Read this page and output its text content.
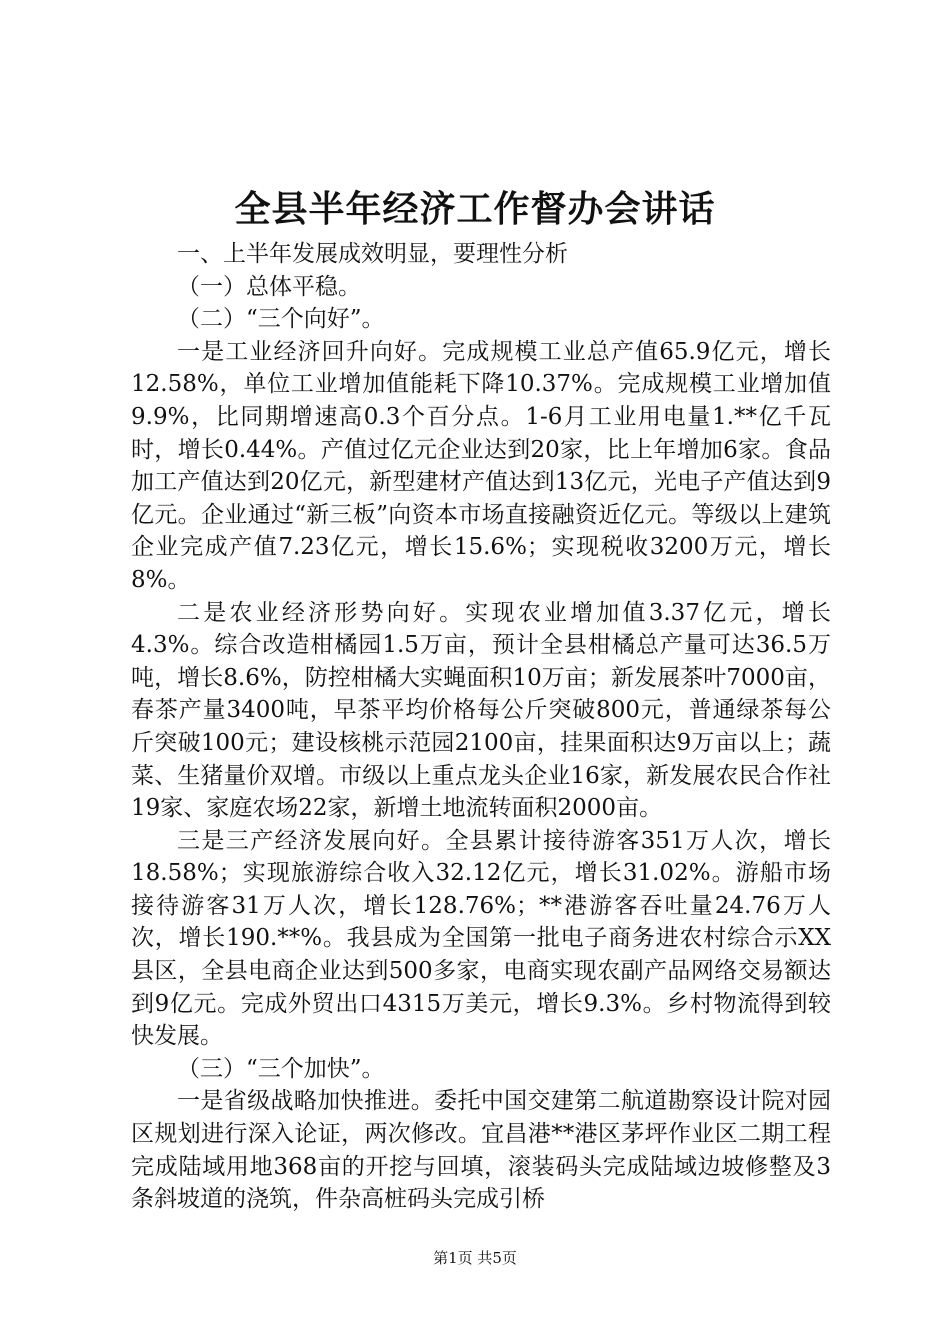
全县半年经济工作督办会讲话

一、上半年发展成效明显，要理性分析

（一）总体平稳。

（二）“三个向好”。

一是工业经济回升向好。完成规模工业总产值65.9亿元，增长12.58%，单位工业增加值能耗下降10.37%。完成规模工业增加值9.9%，比同期增速高0.3个百分点。1-6月工业用电量1.**亿千瓦时，增长0.44%。产值过亿元企业达到20家，比上年增加6家。食品加工产值达到20亿元，新型建材产值达到13亿元，光电子产值达到9亿元。企业通过“新三板”向资本市场直接融资近亿元。等级以上建筑企业完成产值7.23亿元，增长15.6%；实现税收3200万元，增长8%。

二是农业经济形势向好。实现农业增加值3.37亿元，增长4.3%。综合改造柑橘园1.5万亩，预计全县柑橘总产量可达36.5万吨，增长8.6%，防控柑橘大实蝇面积10万亩；新发展茶叶7000亩，春茶产量3400吨，早茶平均价格每公斤突破800元，普通绿茶每公斤突破100元；建设核桃示范园2100亩，挂果面积达9万亩以上；蔬菜、生猪量价双增。市级以上重点龙头企业16家，新发展农民合作社19家、家庭农场22家，新增土地流转面积2000亩。

三是三产经济发展向好。全县累计接待游客351万人次，增长18.58%；实现旅游综合收入32.12亿元，增长31.02%。游船市场接待游客31万人次，增长128.76%；**港游客吞吐量24.76万人次，增长190.**%。我县成为全国第一批电子商务进农村综合示XX县区，全县电商企业达到500多家，电商实现农副产品网络交易额达到9亿元。完成外贸出口4315万美元，增长9.3%。乡村物流得到较快发展。

（三）“三个加快”。

一是省级战略加快推进。委托中国交建第二航道勘察设计院对园区规划进行深入论证，两次修改。宜昌港**港区茅坪作业区二期工程完成陆域用地368亩的开挖与回填，滚装码头完成陆域边坡修整及3条斜坡道的浇筑，件杂高桩码头完成引桥

第1页 共5页
